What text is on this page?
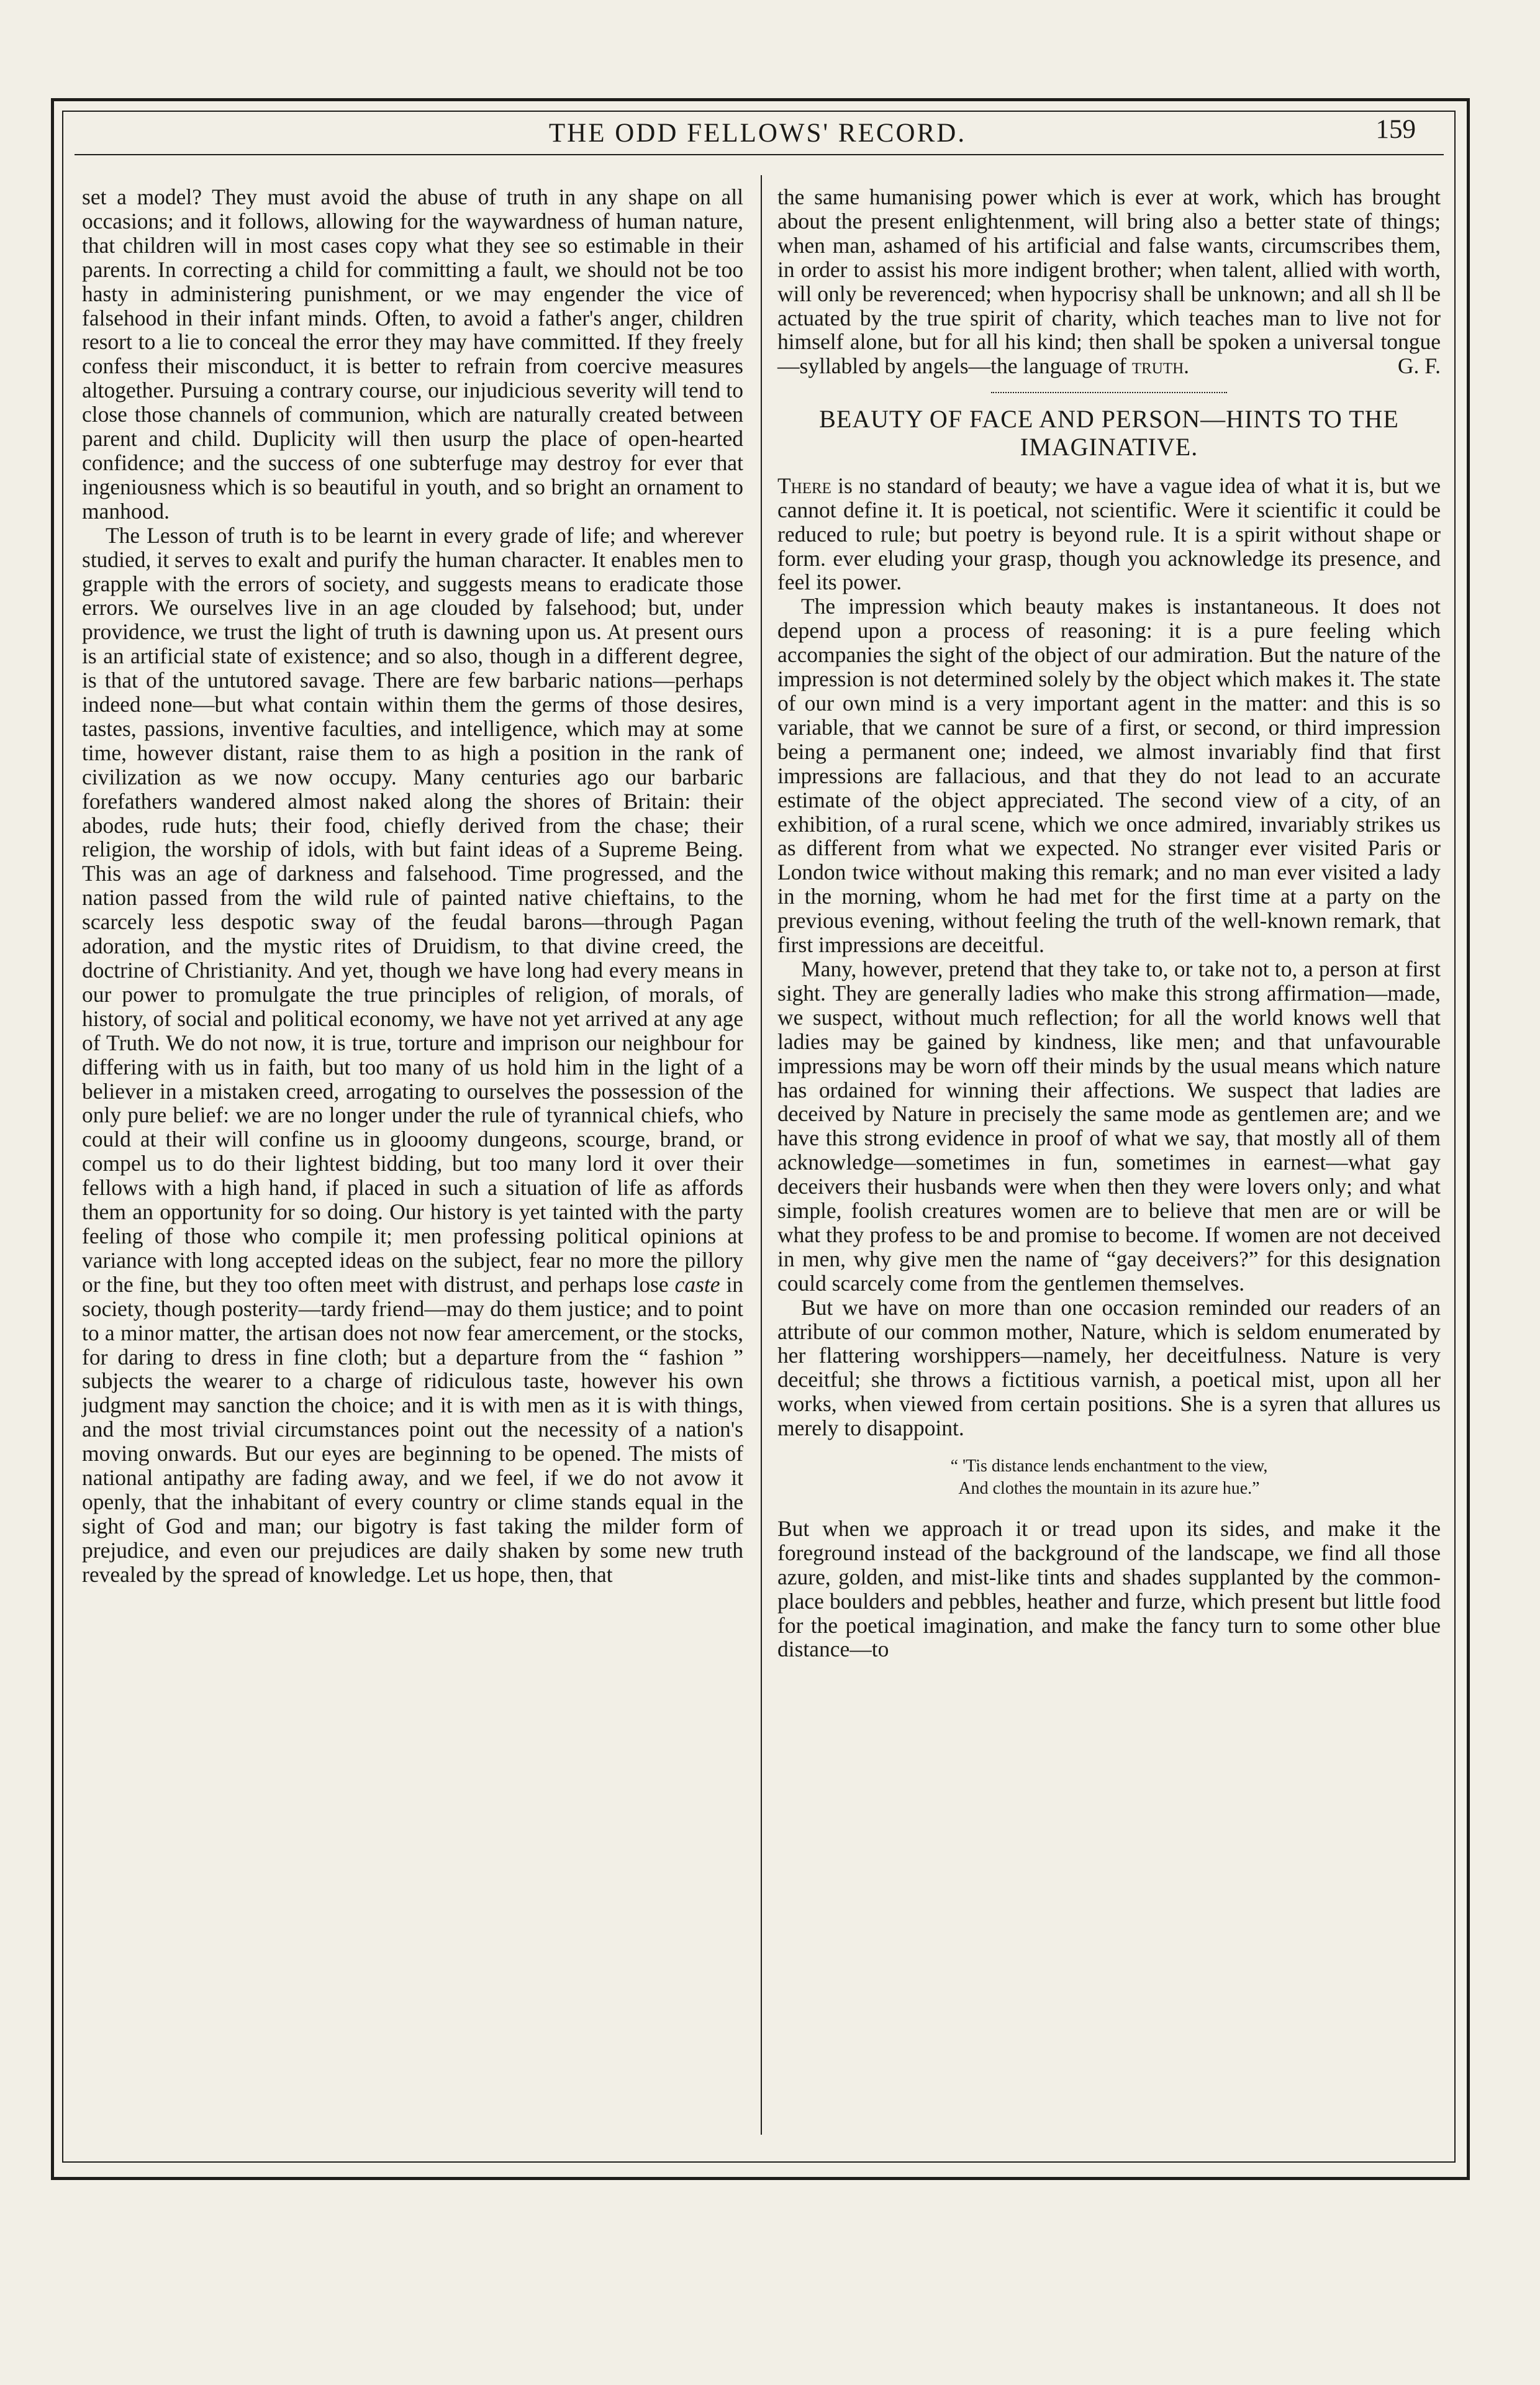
THE ODD FELLOWS' RECORD.	159

set a model? They must avoid the abuse of truth in any shape on all occasions; and it follows, allowing for the waywardness of human nature, that children will in most cases copy what they see so estimable in their parents. In correcting a child for committing a fault, we should not be too hasty in administering punishment, or we may engender the vice of falsehood in their infant minds. Often, to avoid a father's anger, children resort to a lie to conceal the error they may have committed. If they freely confess their misconduct, it is better to refrain from coercive measures altogether. Pursuing a contrary course, our injudicious severity will tend to close those channels of communion, which are naturally created between parent and child. Duplicity will then usurp the place of open-hearted confidence; and the success of one subterfuge may destroy for ever that ingeniousness which is so beautiful in youth, and so bright an ornament to manhood.

The Lesson of truth is to be learnt in every grade of life; and wherever studied, it serves to exalt and purify the human character. It enables men to grapple with the errors of society, and suggests means to eradicate those errors. We ourselves live in an age clouded by falsehood; but, under providence, we trust the light of truth is dawning upon us. At present ours is an artificial state of existence; and so also, though in a different degree, is that of the untutored savage. There are few barbaric nations—perhaps indeed none—but what contain within them the germs of those desires, tastes, passions, inventive faculties, and intelligence, which may at some time, however distant, raise them to as high a position in the rank of civilization as we now occupy. Many centuries ago our barbaric forefathers wandered almost naked along the shores of Britain: their abodes, rude huts; their food, chiefly derived from the chase; their religion, the worship of idols, with but faint ideas of a Supreme Being. This was an age of darkness and falsehood. Time progressed, and the nation passed from the wild rule of painted native chieftains, to the scarcely less despotic sway of the feudal barons—through Pagan adoration, and the mystic rites of Druidism, to that divine creed, the doctrine of Christianity. And yet, though we have long had every means in our power to promulgate the true principles of religion, of morals, of history, of social and political economy, we have not yet arrived at any age of Truth. We do not now, it is true, torture and imprison our neighbour for differing with us in faith, but too many of us hold him in the light of a believer in a mistaken creed, arrogating to ourselves the possession of the only pure belief: we are no longer under the rule of tyrannical chiefs, who could at their will confine us in glooomy dungeons, scourge, brand, or compel us to do their lightest bidding, but too many lord it over their fellows with a high hand, if placed in such a situation of life as affords them an opportunity for so doing. Our history is yet tainted with the party feeling of those who compile it; men professing political opinions at variance with long accepted ideas on the subject, fear no more the pillory or the fine, but they too often meet with distrust, and perhaps lose caste in society, though posterity—tardy friend—may do them justice; and to point to a minor matter, the artisan does not now fear amercement, or the stocks, for daring to dress in fine cloth; but a departure from the “ fashion ” subjects the wearer to a charge of ridiculous taste, however his own judgment may sanction the choice; and it is with men as it is with things, and the most trivial circumstances point out the necessity of a nation's moving onwards. But our eyes are beginning to be opened. The mists of national antipathy are fading away, and we feel, if we do not avow it openly, that the inhabitant of every country or clime stands equal in the sight of God and man; our bigotry is fast taking the milder form of prejudice, and even our prejudices are daily shaken by some new truth revealed by the spread of knowledge. Let us hope, then, that

the same humanising power which is ever at work, which has brought about the present enlightenment, will bring also a better state of things; when man, ashamed of his artificial and false wants, circumscribes them, in order to assist his more indigent brother; when talent, allied with worth, will only be reverenced; when hypocrisy shall be unknown; and all sh ll be actuated by the true spirit of charity, which teaches man to live not for himself alone, but for all his kind; then shall be spoken a universal tongue—syllabled by angels—the language of truth.	G. F.

BEAUTY OF FACE AND PERSON—HINTS TO THE IMAGINATIVE.

There is no standard of beauty; we have a vague idea of what it is, but we cannot define it. It is poetical, not scientific. Were it scientific it could be reduced to rule; but poetry is beyond rule. It is a spirit without shape or form. ever eluding your grasp, though you acknowledge its presence, and feel its power.

The impression which beauty makes is instantaneous. It does not depend upon a process of reasoning: it is a pure feeling which accompanies the sight of the object of our admiration. But the nature of the impression is not determined solely by the object which makes it. The state of our own mind is a very important agent in the matter: and this is so variable, that we cannot be sure of a first, or second, or third impression being a permanent one; indeed, we almost invariably find that first impressions are fallacious, and that they do not lead to an accurate estimate of the object appreciated. The second view of a city, of an exhibition, of a rural scene, which we once admired, invariably strikes us as different from what we expected. No stranger ever visited Paris or London twice without making this remark; and no man ever visited a lady in the morning, whom he had met for the first time at a party on the previous evening, without feeling the truth of the well-known remark, that first impressions are deceitful.

Many, however, pretend that they take to, or take not to, a person at first sight. They are generally ladies who make this strong affirmation—made, we suspect, without much reflection; for all the world knows well that ladies may be gained by kindness, like men; and that unfavourable impressions may be worn off their minds by the usual means which nature has ordained for winning their affections. We suspect that ladies are deceived by Nature in precisely the same mode as gentlemen are; and we have this strong evidence in proof of what we say, that mostly all of them acknowledge—sometimes in fun, sometimes in earnest—what gay deceivers their husbands were when then they were lovers only; and what simple, foolish creatures women are to believe that men are or will be what they profess to be and promise to become. If women are not deceived in men, why give men the name of “gay deceivers?” for this designation could scarcely come from the gentlemen themselves.

But we have on more than one occasion reminded our readers of an attribute of our common mother, Nature, which is seldom enumerated by her flattering worshippers—namely, her deceitfulness. Nature is very deceitful; she throws a fictitious varnish, a poetical mist, upon all her works, when viewed from certain positions. She is a syren that allures us merely to disappoint.

“ 'Tis distance lends enchantment to the view,
And clothes the mountain in its azure hue.”

But when we approach it or tread upon its sides, and make it the foreground instead of the background of the landscape, we find all those azure, golden, and mist-like tints and shades supplanted by the common-place boulders and pebbles, heather and furze, which present but little food for the poetical imagination, and make the fancy turn to some other blue distance—to
